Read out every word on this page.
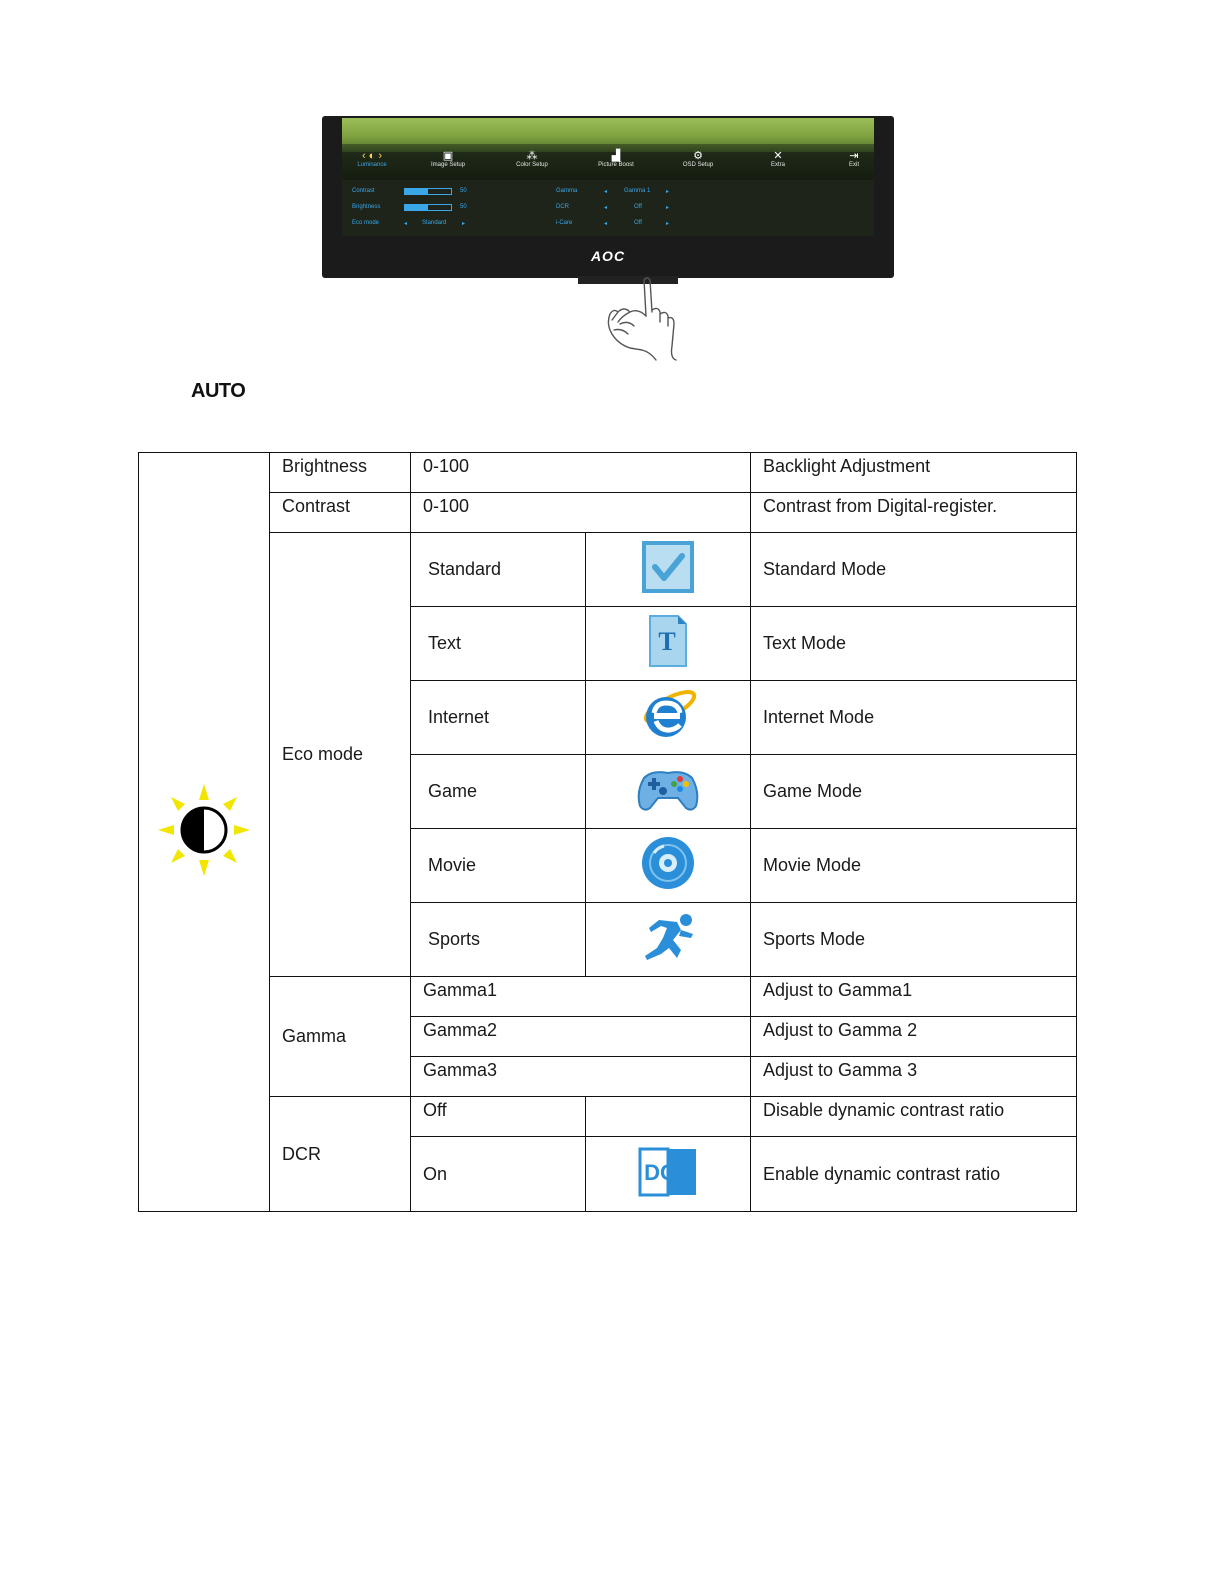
‹ ◐ ›
Luminance
▣
Image Setup
⁂
Color Setup
▟
Picture Boost
⚙
OSD Setup
✕
Extra
⇥
Exit
Contrast	50
Brightness	50
Eco mode	◂ Standard	▸
Gamma	◂	Gamma 1	▸
DCR	◂	Off	▸
i-Care	◂	Off	▸
AOC
AUTO
	Brightness	0-100		Backlight Adjustment
	Contrast	0-100		Contrast from Digital-register.
	Eco mode	Standard		Standard Mode
		Text	T	Text Mode
		Internet		Internet Mode
		Game		Game Mode
		Movie		Movie Mode
		Sports		Sports Mode
	Gamma	Gamma1		Adjust to Gamma1
		Gamma2		Adjust to Gamma 2
		Gamma3		Adjust to Gamma 3
	DCR	Off		Disable dynamic contrast ratio
		On	DCR	Enable dynamic contrast ratio
